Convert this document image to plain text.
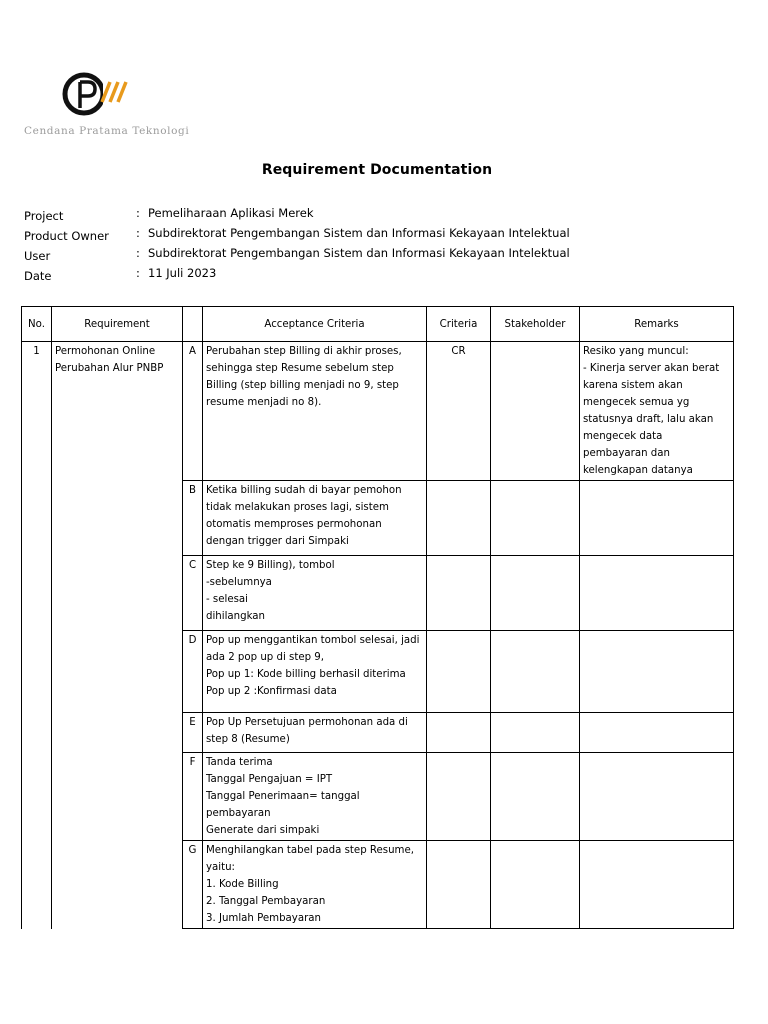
Cendana Pratama Teknologi
Requirement Documentation
Project	: Pemeliharaan Aplikasi Merek
Product Owner : Subdirektorat Pengembangan Sistem dan Informasi Kekayaan Intelektual
User	: Subdirektorat Pengembangan Sistem dan Informasi Kekayaan Intelektual
Date	: 11 Juli 2023
No.	Requirement		Acceptance Criteria	Criteria	Stakeholder	Remarks
1	Permohonan Online Perubahan Alur PNBP	A	Perubahan step Billing di akhir proses, sehingga step Resume sebelum step Billing (step billing menjadi no 9, step resume menjadi no 8).	CR		Resiko yang muncul:
- Kinerja server akan berat karena sistem akan mengecek semua yg statusnya draft, lalu akan mengecek data pembayaran dan kelengkapan datanya
		B	Ketika billing sudah di bayar pemohon tidak melakukan proses lagi, sistem otomatis memproses permohonan dengan trigger dari Simpaki			
		C	Step ke 9 Billing), tombol
-sebelumnya
- selesai
dihilangkan			
		D	Pop up menggantikan tombol selesai, jadi ada 2 pop up di step 9,
Pop up 1: Kode billing berhasil diterima
Pop up 2 :Konfirmasi data			
		E	Pop Up Persetujuan permohonan ada di step 8 (Resume)			
		F	Tanda terima
Tanggal Pengajuan = IPT
Tanggal Penerimaan= tanggal pembayaran
Generate dari simpaki			
		G	Menghilangkan tabel pada step Resume, yaitu:
1. Kode Billing
2. Tanggal Pembayaran
3. Jumlah Pembayaran			
